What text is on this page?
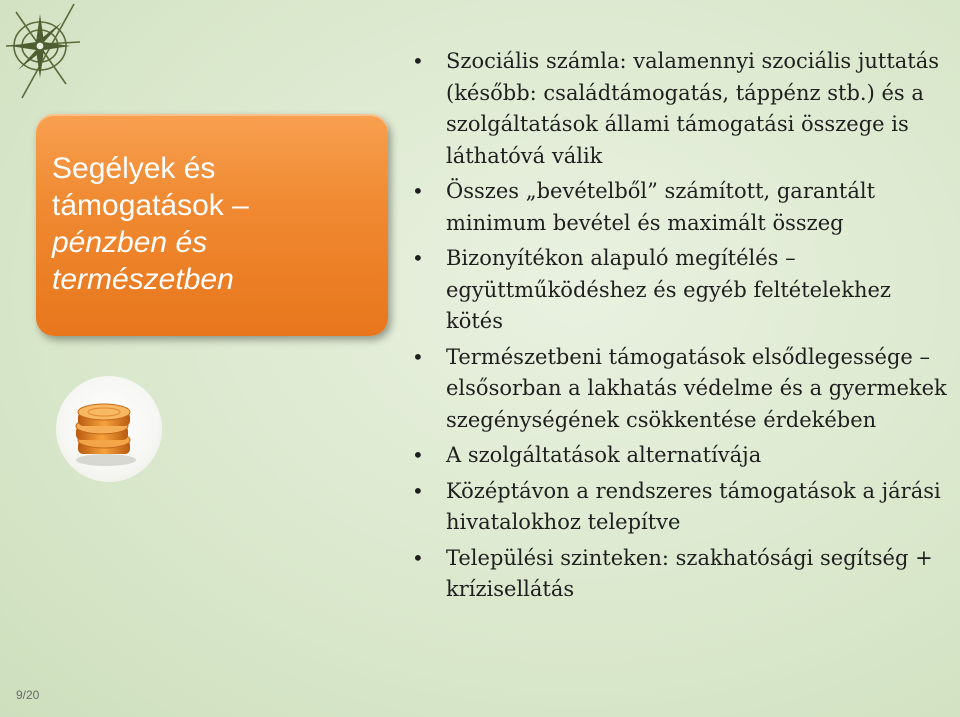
Segélyek és
támogatások –
pénzben és
természetben
• Szociális számla: valamennyi szociális juttatás (később: családtámogatás, táppénz stb.) és a szolgáltatások állami támogatási összege is láthatóvá válik
• Összes „bevételből” számított, garantált minimum bevétel és maximált összeg
• Bizonyítékon alapuló megítélés – együttműködéshez és egyéb feltételekhez kötés
• Természetbeni támogatások elsődlegessége – elsősorban a lakhatás védelme és a gyermekek szegénységének csökkentése érdekében
• A szolgáltatások alternatívája
• Középtávon a rendszeres támogatások a járási hivatalokhoz telepítve
• Települési szinteken: szakhatósági segítség + krízisellátás
9/20
